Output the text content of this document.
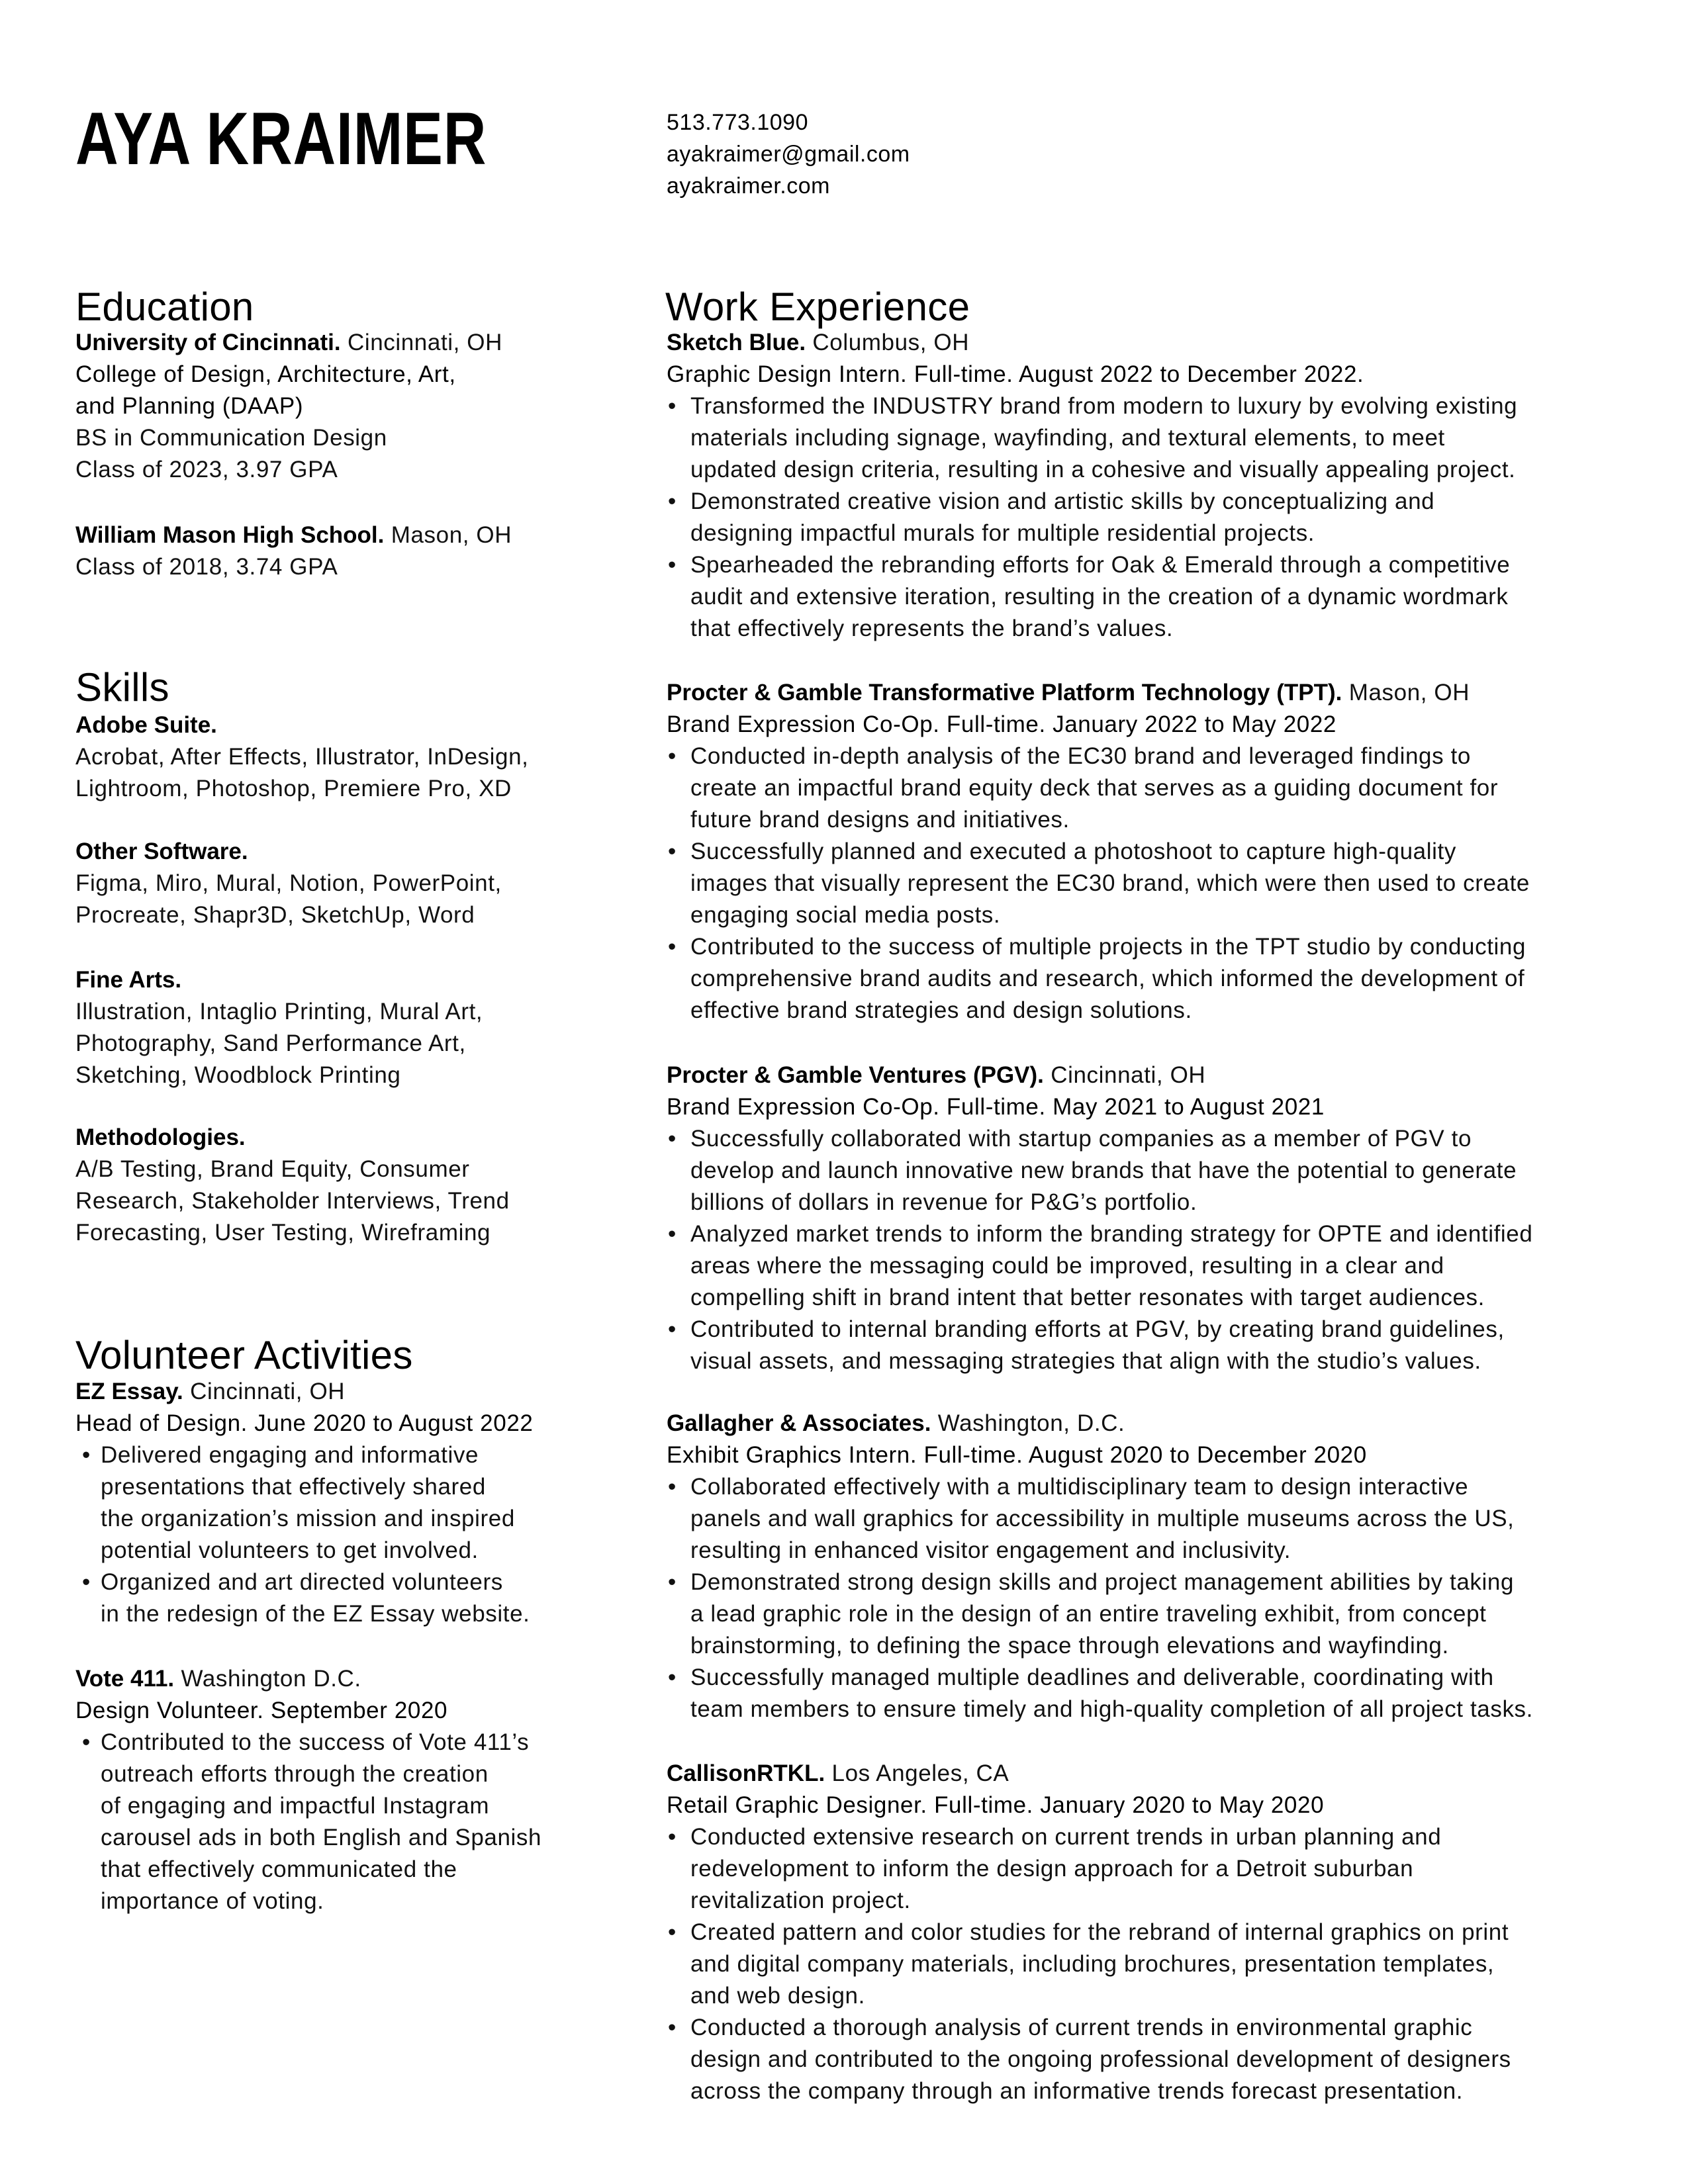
AYA KRAIMER	513.773.1090
ayakraimer@gmail.com
ayakraimer.com
Education
Skills
Volunteer Activities
Work Experience
University of Cincinnati. Cincinnati, OH
College of Design, Architecture, Art,
and Planning (DAAP)
BS in Communication Design
Class of 2023, 3.97 GPA
William Mason High School. Mason, OH
Class of 2018, 3.74 GPA
Adobe Suite.
Acrobat, After Effects, Illustrator, InDesign,
Lightroom, Photoshop, Premiere Pro, XD
Other Software.
Figma, Miro, Mural, Notion, PowerPoint,
Procreate, Shapr3D, SketchUp, Word
Fine Arts.
Illustration, Intaglio Printing, Mural Art,
Photography, Sand Performance Art,
Sketching, Woodblock Printing
Methodologies.
A/B Testing, Brand Equity, Consumer
Research, Stakeholder Interviews, Trend
Forecasting, User Testing, Wireframing
EZ Essay. Cincinnati, OH
Head of Design. June 2020 to August 2022
• Delivered engaging and informative
presentations that effectively shared
the organization’s mission and inspired
potential volunteers to get involved.
• Organized and art directed volunteers
in the redesign of the EZ Essay website.
Vote 411. Washington D.C.
Design Volunteer. September 2020
• Contributed to the success of Vote 411’s
outreach efforts through the creation
of engaging and impactful Instagram
carousel ads in both English and Spanish
that effectively communicated the
importance of voting.
Sketch Blue. Columbus, OH
Graphic Design Intern. Full-time. August 2022 to December 2022.
• Transformed the INDUSTRY brand from modern to luxury by evolving existing
materials including signage, wayfinding, and textural elements, to meet
updated design criteria, resulting in a cohesive and visually appealing project.
• Demonstrated creative vision and artistic skills by conceptualizing and
designing impactful murals for multiple residential projects.
• Spearheaded the rebranding efforts for Oak & Emerald through a competitive
audit and extensive iteration, resulting in the creation of a dynamic wordmark
that effectively represents the brand’s values.
Procter & Gamble Transformative Platform Technology (TPT). Mason, OH
Brand Expression Co-Op. Full-time. January 2022 to May 2022
• Conducted in-depth analysis of the EC30 brand and leveraged findings to
create an impactful brand equity deck that serves as a guiding document for
future brand designs and initiatives.
• Successfully planned and executed a photoshoot to capture high-quality
images that visually represent the EC30 brand, which were then used to create
engaging social media posts.
• Contributed to the success of multiple projects in the TPT studio by conducting
comprehensive brand audits and research, which informed the development of
effective brand strategies and design solutions.
Procter & Gamble Ventures (PGV). Cincinnati, OH
Brand Expression Co-Op. Full-time. May 2021 to August 2021
• Successfully collaborated with startup companies as a member of PGV to
develop and launch innovative new brands that have the potential to generate
billions of dollars in revenue for P&G’s portfolio.
• Analyzed market trends to inform the branding strategy for OPTE and identified
areas where the messaging could be improved, resulting in a clear and
compelling shift in brand intent that better resonates with target audiences.
• Contributed to internal branding efforts at PGV, by creating brand guidelines,
visual assets, and messaging strategies that align with the studio’s values.
Gallagher & Associates. Washington, D.C.
Exhibit Graphics Intern. Full-time. August 2020 to December 2020
• Collaborated effectively with a multidisciplinary team to design interactive
panels and wall graphics for accessibility in multiple museums across the US,
resulting in enhanced visitor engagement and inclusivity.
• Demonstrated strong design skills and project management abilities by taking
a lead graphic role in the design of an entire traveling exhibit, from concept
brainstorming, to defining the space through elevations and wayfinding.
• Successfully managed multiple deadlines and deliverable, coordinating with
team members to ensure timely and high-quality completion of all project tasks.
CallisonRTKL. Los Angeles, CA
Retail Graphic Designer. Full-time. January 2020 to May 2020
• Conducted extensive research on current trends in urban planning and
redevelopment to inform the design approach for a Detroit suburban
revitalization project.
• Created pattern and color studies for the rebrand of internal graphics on print
and digital company materials, including brochures, presentation templates,
and web design.
• Conducted a thorough analysis of current trends in environmental graphic
design and contributed to the ongoing professional development of designers
across the company through an informative trends forecast presentation.
